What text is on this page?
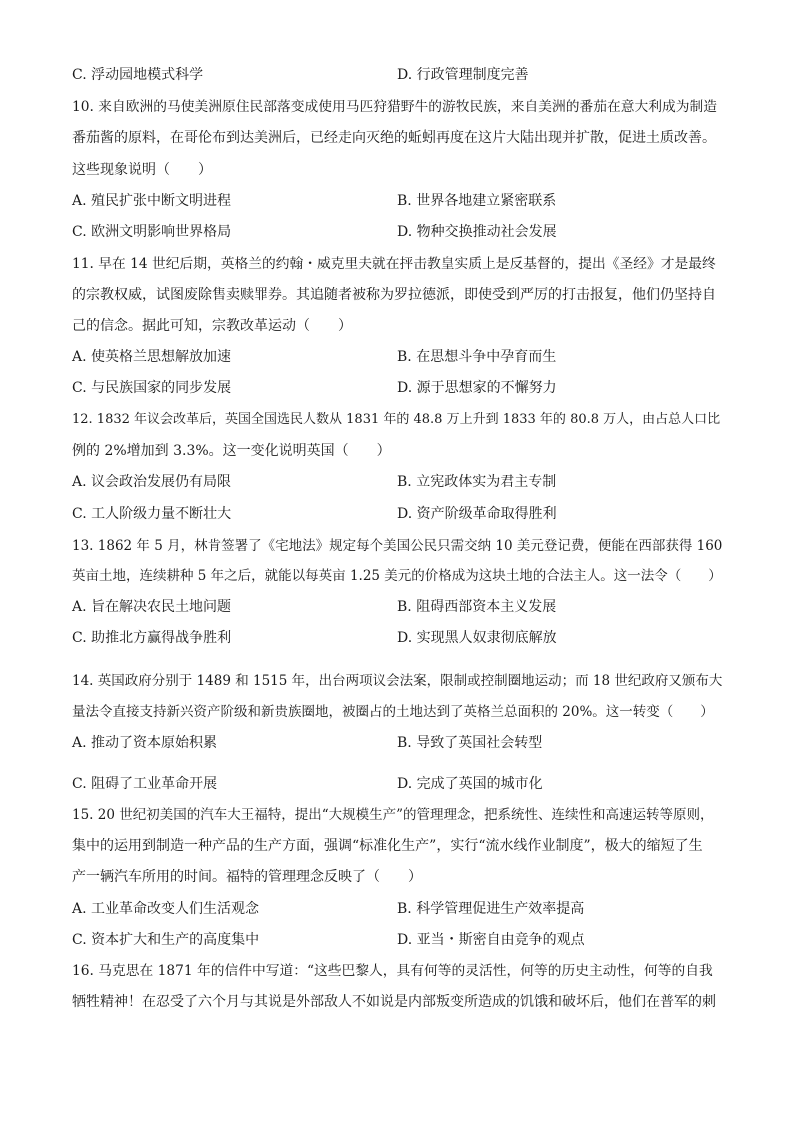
C. 浮动园地模式科学	D. 行政管理制度完善
10. 来自欧洲的马使美洲原住民部落变成使用马匹狩猎野牛的游牧民族，来自美洲的番茄在意大利成为制造
番茄酱的原料，在哥伦布到达美洲后，已经走向灭绝的蚯蚓再度在这片大陆出现并扩散，促进土质改善。
这些现象说明（　　）
A. 殖民扩张中断文明进程	B. 世界各地建立紧密联系
C. 欧洲文明影响世界格局	D. 物种交换推动社会发展
11. 早在 14 世纪后期，英格兰的约翰・威克里夫就在抨击教皇实质上是反基督的，提出《圣经》才是最终
的宗教权威，试图废除售卖赎罪券。其追随者被称为罗拉德派，即使受到严厉的打击报复，他们仍坚持自
己的信念。据此可知，宗教改革运动（　　）
A. 使英格兰思想解放加速	B. 在思想斗争中孕育而生
C. 与民族国家的同步发展	D. 源于思想家的不懈努力
12. 1832 年议会改革后，英国全国选民人数从 1831 年的 48.8 万上升到 1833 年的 80.8 万人，由占总人口比
例的 2%增加到 3.3%。这一变化说明英国（　　）
A. 议会政治发展仍有局限	B. 立宪政体实为君主专制
C. 工人阶级力量不断壮大	D. 资产阶级革命取得胜利
13. 1862 年 5 月，林肯签署了《宅地法》规定每个美国公民只需交纳 10 美元登记费，便能在西部获得 160
英亩土地，连续耕种 5 年之后，就能以每英亩 1.25 美元的价格成为这块土地的合法主人。这一法令（　　）
A. 旨在解决农民土地问题	B. 阻碍西部资本主义发展
C. 助推北方赢得战争胜利	D. 实现黑人奴隶彻底解放
14. 英国政府分别于 1489 和 1515 年，出台两项议会法案，限制或控制圈地运动；而 18 世纪政府又颁布大
量法令直接支持新兴资产阶级和新贵族圈地，被圈占的土地达到了英格兰总面积的 20%。这一转变（　　）
A. 推动了资本原始积累	B. 导致了英国社会转型
C. 阻碍了工业革命开展	D. 完成了英国的城市化
15. 20 世纪初美国的汽车大王福特，提出“大规模生产”的管理理念，把系统性、连续性和高速运转等原则，
集中的运用到制造一种产品的生产方面，强调“标准化生产”，实行“流水线作业制度”，极大的缩短了生
产一辆汽车所用的时间。福特的管理理念反映了（　　）
A. 工业革命改变人们生活观念	B. 科学管理促进生产效率提高
C. 资本扩大和生产的高度集中	D. 亚当・斯密自由竞争的观点
16. 马克思在 1871 年的信件中写道：“这些巴黎人，具有何等的灵活性，何等的历史主动性，何等的自我
牺牲精神！在忍受了六个月与其说是外部敌人不如说是内部叛变所造成的饥饿和破坏后，他们在普军的刺
